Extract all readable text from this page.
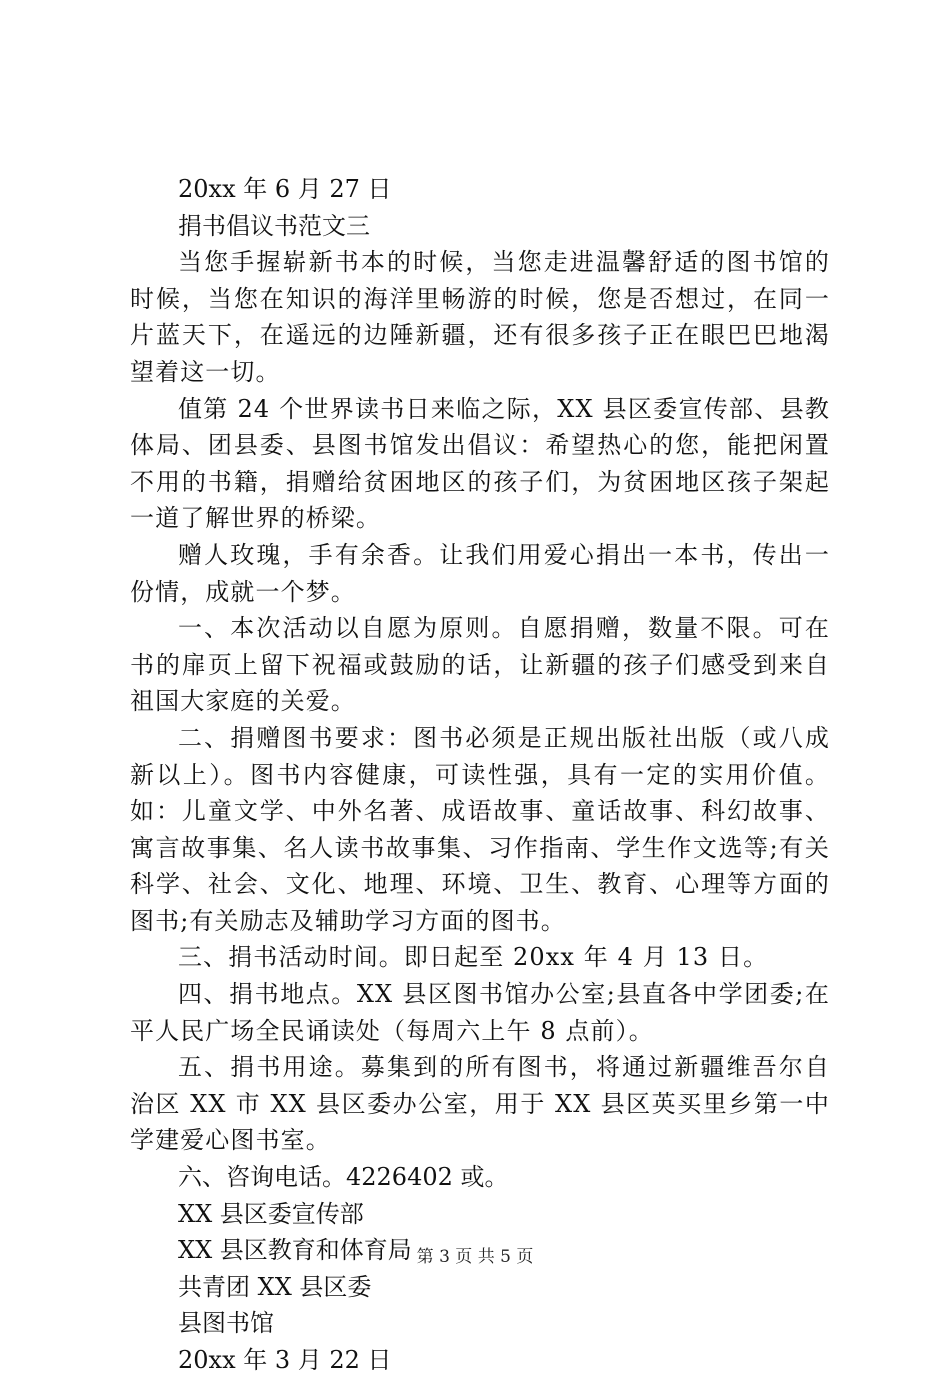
20xx 年 6 月 27 日

捐书倡议书范文三

当您手握崭新书本的时候，当您走进温馨舒适的图书馆的时候，当您在知识的海洋里畅游的时候，您是否想过，在同一片蓝天下，在遥远的边陲新疆，还有很多孩子正在眼巴巴地渴望着这一切。

值第 24 个世界读书日来临之际，XX 县区委宣传部、县教体局、团县委、县图书馆发出倡议：希望热心的您，能把闲置不用的书籍，捐赠给贫困地区的孩子们，为贫困地区孩子架起一道了解世界的桥梁。

赠人玫瑰，手有余香。让我们用爱心捐出一本书，传出一份情，成就一个梦。

一、本次活动以自愿为原则。自愿捐赠，数量不限。可在书的扉页上留下祝福或鼓励的话，让新疆的孩子们感受到来自祖国大家庭的关爱。

二、捐赠图书要求：图书必须是正规出版社出版（或八成新以上）。图书内容健康，可读性强，具有一定的实用价值。如：儿童文学、中外名著、成语故事、童话故事、科幻故事、寓言故事集、名人读书故事集、习作指南、学生作文选等;有关科学、社会、文化、地理、环境、卫生、教育、心理等方面的图书;有关励志及辅助学习方面的图书。

三、捐书活动时间。即日起至 20xx 年 4 月 13 日。

四、捐书地点。XX 县区图书馆办公室;县直各中学团委;在平人民广场全民诵读处（每周六上午 8 点前）。

五、捐书用途。募集到的所有图书，将通过新疆维吾尔自治区 XX 市 XX 县区委办公室，用于 XX 县区英买里乡第一中学建爱心图书室。

六、咨询电话。4226402 或。

XX 县区委宣传部

XX 县区教育和体育局

共青团 XX 县区委

县图书馆

20xx 年 3 月 22 日

第 3 页 共 5 页
